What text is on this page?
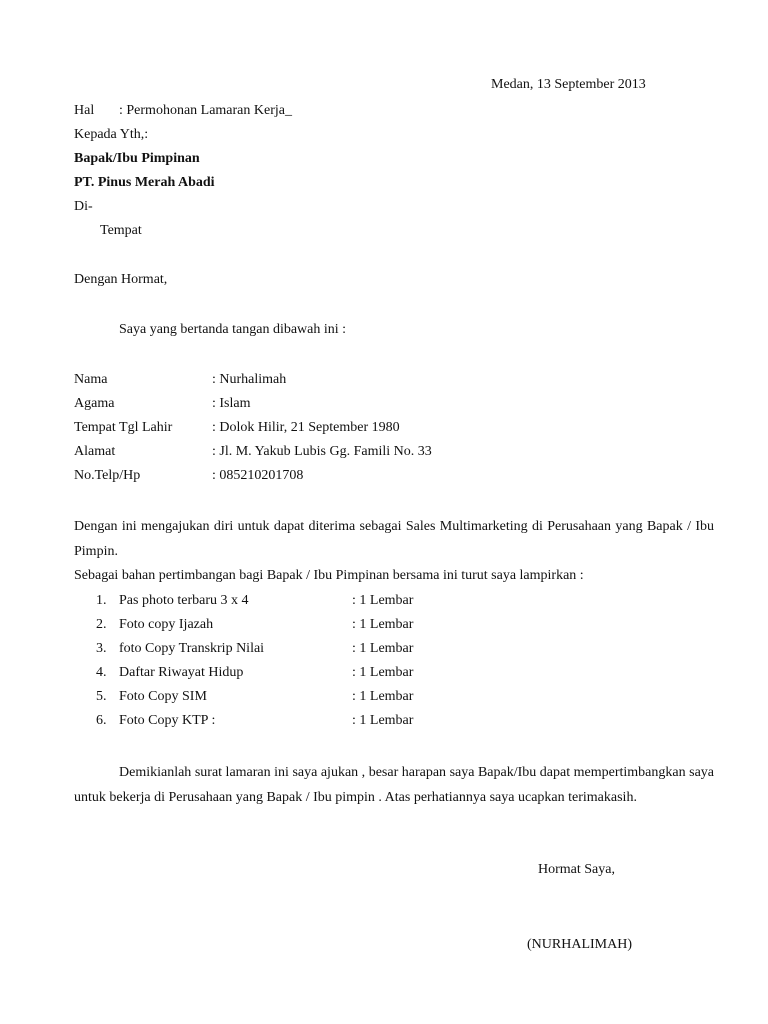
Medan, 13 September 2013
Hal : Permohonan Lamaran Kerja_
Kepada Yth,:
Bapak/Ibu Pimpinan
PT. Pinus Merah Abadi
Di-
Tempat
Dengan Hormat,
Saya yang bertanda tangan dibawah ini :
Nama	: Nurhalimah
Agama	: Islam
Tempat Tgl Lahir	: Dolok Hilir, 21 September 1980
Alamat	: Jl. M. Yakub Lubis Gg. Famili No. 33
No.Telp/Hp	: 085210201708
Dengan ini mengajukan diri untuk dapat diterima sebagai Sales Multimarketing di Perusahaan yang Bapak / Ibu Pimpin.
Sebagai bahan pertimbangan bagi Bapak / Ibu Pimpinan bersama ini turut saya lampirkan :
1. Pas photo terbaru 3 x 4	: 1 Lembar
2. Foto copy Ijazah	: 1 Lembar
3. foto Copy Transkrip Nilai	: 1 Lembar
4. Daftar Riwayat Hidup	: 1 Lembar
5. Foto Copy SIM	: 1 Lembar
6. Foto Copy KTP :	: 1 Lembar
Demikianlah surat lamaran ini saya ajukan , besar harapan saya Bapak/Ibu dapat mempertimbangkan saya untuk bekerja di Perusahaan yang Bapak / Ibu pimpin . Atas perhatiannya saya ucapkan terimakasih.
Hormat Saya,
(NURHALIMAH)
